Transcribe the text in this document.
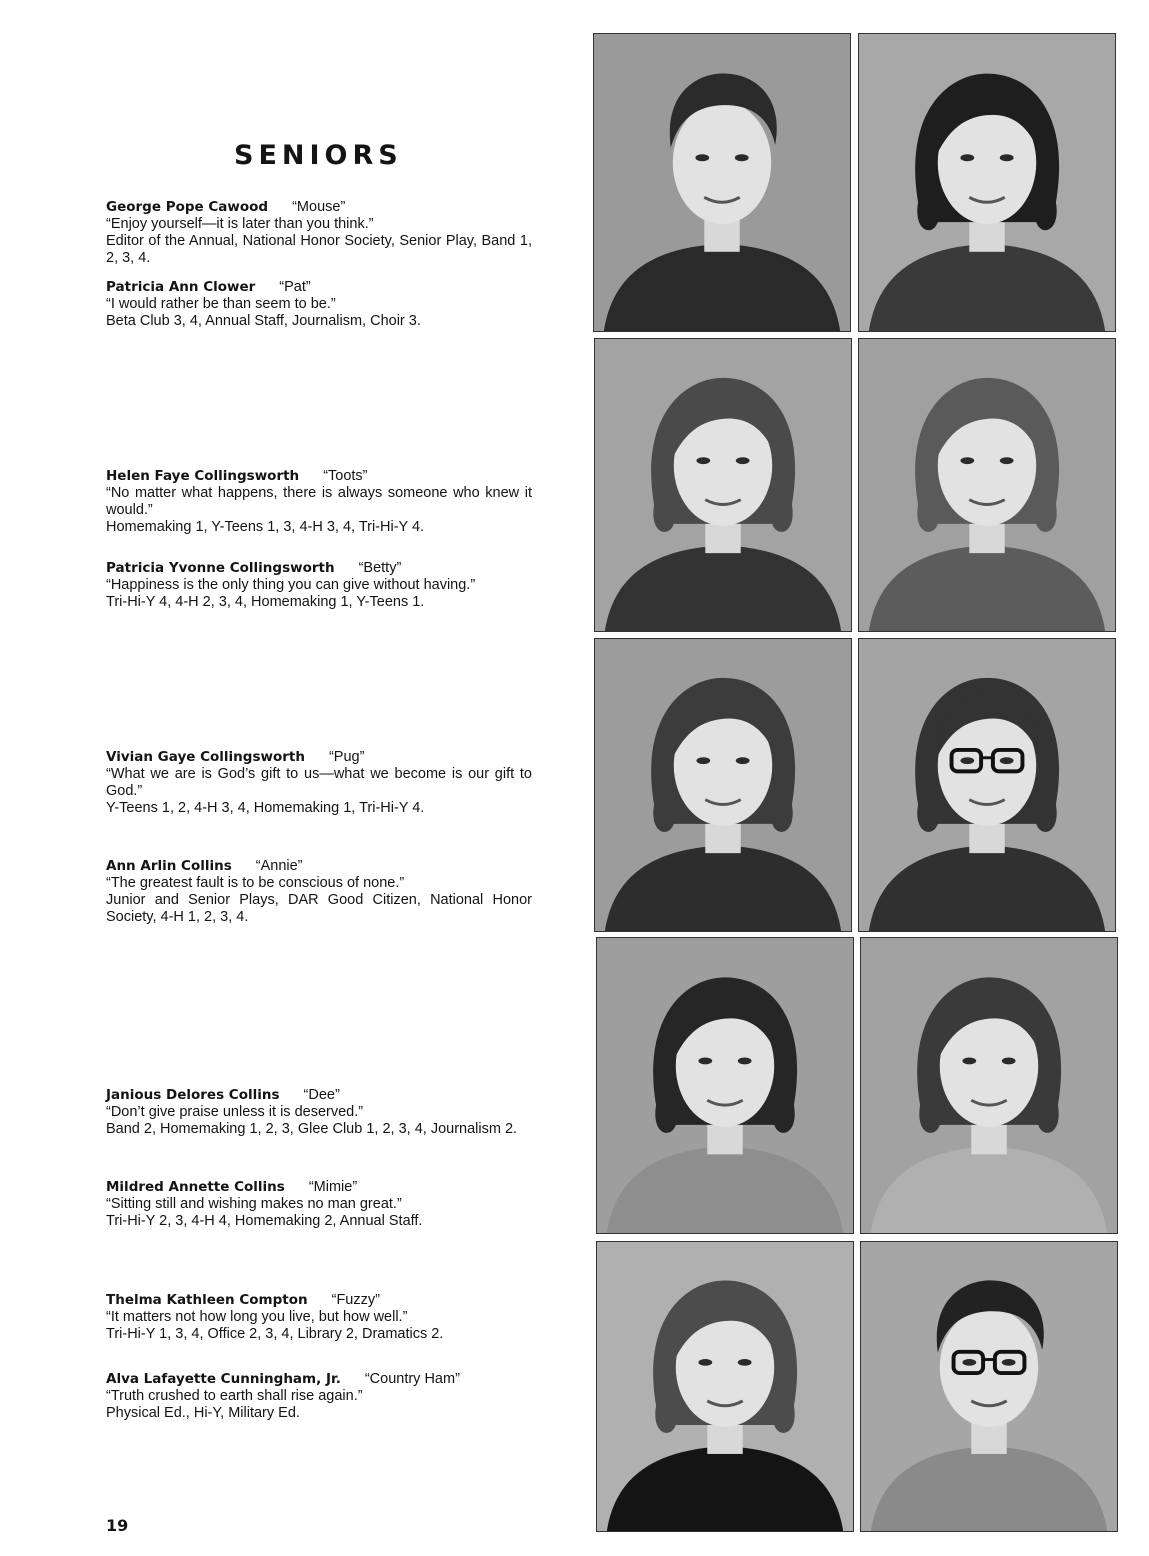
SENIORS

George Pope Cawood “Mouse”

“Enjoy yourself—it is later than you think.”

Editor of the Annual, National Honor Society, Senior Play, Band 1, 2, 3, 4.

Patricia Ann Clower “Pat”

“I would rather be than seem to be.”

Beta Club 3, 4, Annual Staff, Journalism, Choir 3.

Helen Faye Collingsworth “Toots”

“No matter what happens, there is always someone who knew it would.”

Homemaking 1, Y-Teens 1, 3, 4-H 3, 4, Tri-Hi-Y 4.

Patricia Yvonne Collingsworth “Betty”

“Happiness is the only thing you can give without having.”

Tri-Hi-Y 4, 4-H 2, 3, 4, Homemaking 1, Y-Teens 1.

Vivian Gaye Collingsworth “Pug”

“What we are is God’s gift to us—what we become is our gift to God.”

Y-Teens 1, 2, 4-H 3, 4, Homemaking 1, Tri-Hi-Y 4.

Ann Arlin Collins “Annie”

“The greatest fault is to be conscious of none.”

Junior and Senior Plays, DAR Good Citizen, National Honor Society, 4-H 1, 2, 3, 4.

Janious Delores Collins “Dee”

“Don’t give praise unless it is deserved.”

Band 2, Homemaking 1, 2, 3, Glee Club 1, 2, 3, 4, Journalism 2.

Mildred Annette Collins “Mimie”

“Sitting still and wishing makes no man great.”

Tri-Hi-Y 2, 3, 4-H 4, Homemaking 2, Annual Staff.

Thelma Kathleen Compton “Fuzzy”

“It matters not how long you live, but how well.”

Tri-Hi-Y 1, 3, 4, Office 2, 3, 4, Library 2, Dramatics 2.

Alva Lafayette Cunningham, Jr. “Country Ham”

“Truth crushed to earth shall rise again.”

Physical Ed., Hi-Y, Military Ed.

19
